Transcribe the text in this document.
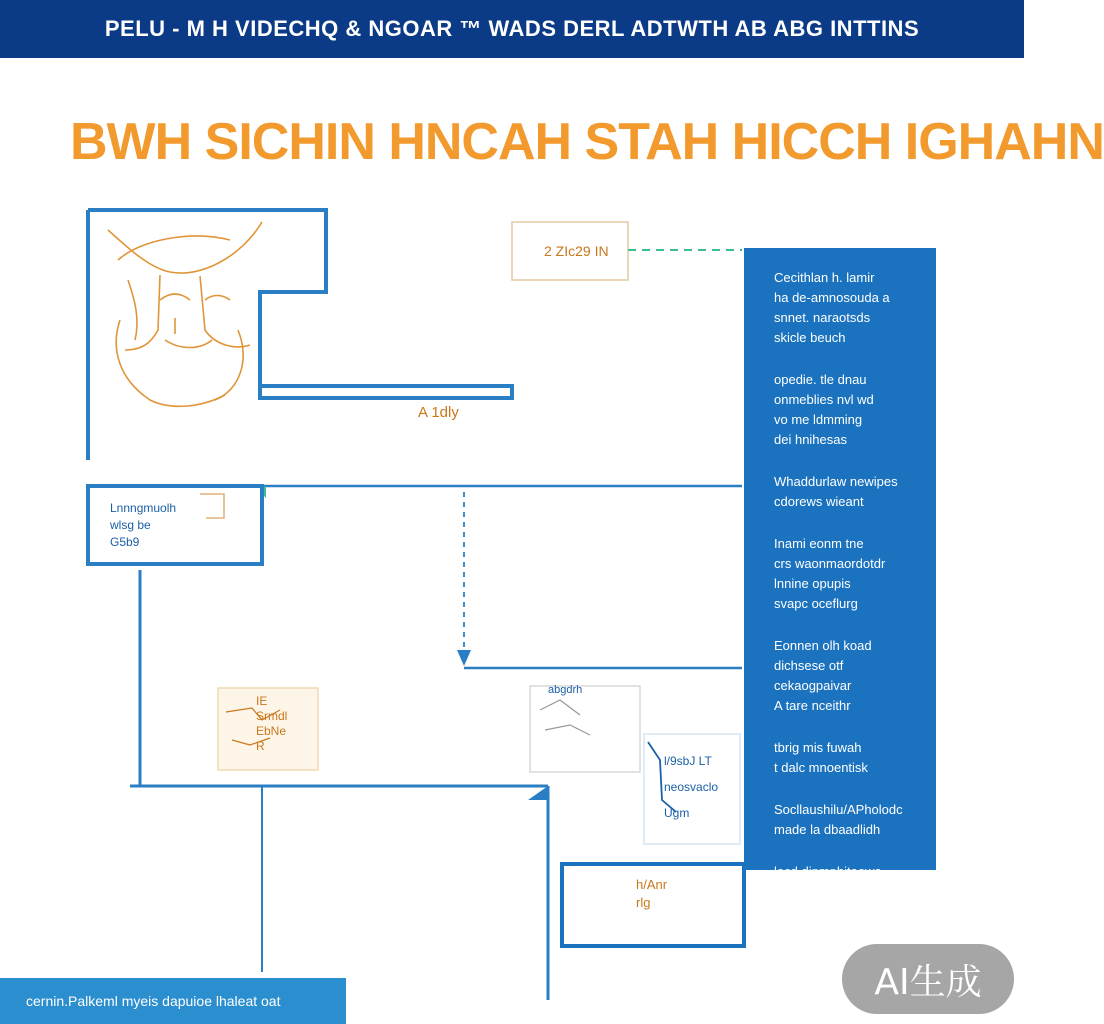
PELU - M H VIDECHQ & NGOAR ™ WADS DERL ADTWTH AB ABG INTTINS
BWH SICHIN HNCAH STAH HICCH IGHAHN
2 ZIc29 IN
A 1dly
Lnnngmuolh
wlsg be
G5b9
IE
Srmdl
EbNe
R
abgdrh
l/9sbJ LT
neosvaclo
Ugm
h/Anr
rlg
Cecithlan h. lamir
ha de-amnosouda a
snnet. naraotsds
skicle beuch
opedie. tle dnau
onmeblies nvl wd
vo me ldmming
dei hnihesas
Whaddurlaw newipes
cdorews wieant
Inami eonm tne
crs waonmaordotdr
lnnine opupis
svapc oceflurg
Eonnen olh koad
dichsese otf
cekaogpaivar
A tare nceithr
tbrig mis fuwah
t dalc mnoentisk
Socllaushilu/APholodc
made la dbaadlidh
locd dipmphitaewa
celof ckrsunomaan
cernin.Palkeml myeis dapuioe lhaleat oat	AI生成
